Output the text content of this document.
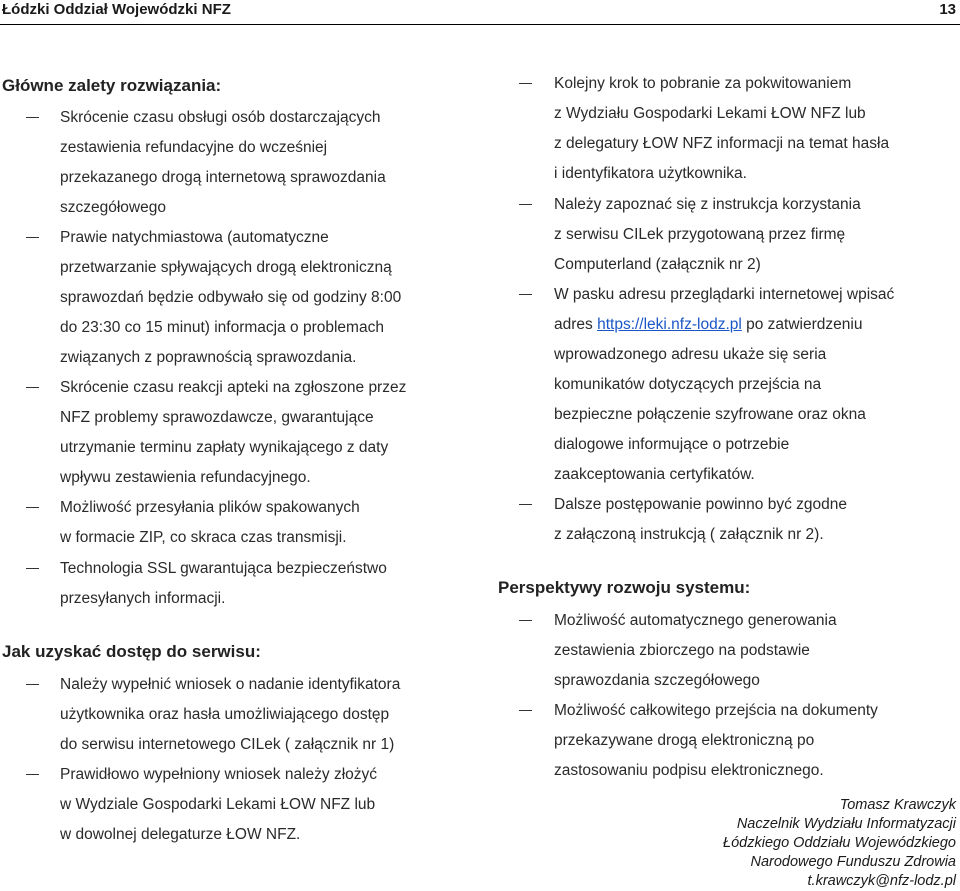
Łódzki Oddział Wojewódzki NFZ	13
Główne zalety rozwiązania:
Skrócenie czasu obsługi osób dostarczających
zestawienia refundacyjne do wcześniej
przekazanego drogą internetową sprawozdania
szczegółowego
Prawie natychmiastowa (automatyczne
przetwarzanie spływających drogą elektroniczną
sprawozdań będzie odbywało się od godziny 8:00
do 23:30 co 15 minut) informacja o problemach
związanych z poprawnością sprawozdania.
Skrócenie czasu reakcji apteki na zgłoszone przez
NFZ problemy sprawozdawcze, gwarantujące
utrzymanie terminu zapłaty wynikającego z daty
wpływu zestawienia refundacyjnego.
Możliwość przesyłania plików spakowanych
w formacie ZIP, co skraca czas transmisji.
Technologia SSL gwarantująca bezpieczeństwo
przesyłanych informacji.
Jak uzyskać dostęp do serwisu:
Należy wypełnić wniosek o nadanie identyfikatora
użytkownika oraz hasła umożliwiającego dostęp
do serwisu internetowego CILek ( załącznik nr 1)
Prawidłowo wypełniony wniosek należy złożyć
w Wydziale Gospodarki Lekami ŁOW NFZ lub
w dowolnej delegaturze ŁOW NFZ.
Kolejny krok to pobranie za pokwitowaniem
z Wydziału Gospodarki Lekami ŁOW NFZ lub
z delegatury ŁOW NFZ informacji na temat hasła
i identyfikatora użytkownika.
Należy zapoznać się z instrukcja korzystania
z serwisu CILek przygotowaną przez firmę
Computerland (załącznik nr 2)
W pasku adresu przeglądarki internetowej wpisać
adres https://leki.nfz-lodz.pl po zatwierdzeniu
wprowadzonego adresu ukaże się seria
komunikatów dotyczących przejścia na
bezpieczne połączenie szyfrowane oraz okna
dialogowe informujące o potrzebie
zaakceptowania certyfikatów.
Dalsze postępowanie powinno być zgodne
z załączoną instrukcją ( załącznik nr 2).
Perspektywy rozwoju systemu:
Możliwość automatycznego generowania
zestawienia zbiorczego na podstawie
sprawozdania szczegółowego
Możliwość całkowitego przejścia na dokumenty
przekazywane drogą elektroniczną po
zastosowaniu podpisu elektronicznego.
Tomasz Krawczyk
Naczelnik Wydziału Informatyzacji
Łódzkiego Oddziału Wojewódzkiego
Narodowego Funduszu Zdrowia
t.krawczyk@nfz-lodz.pl
